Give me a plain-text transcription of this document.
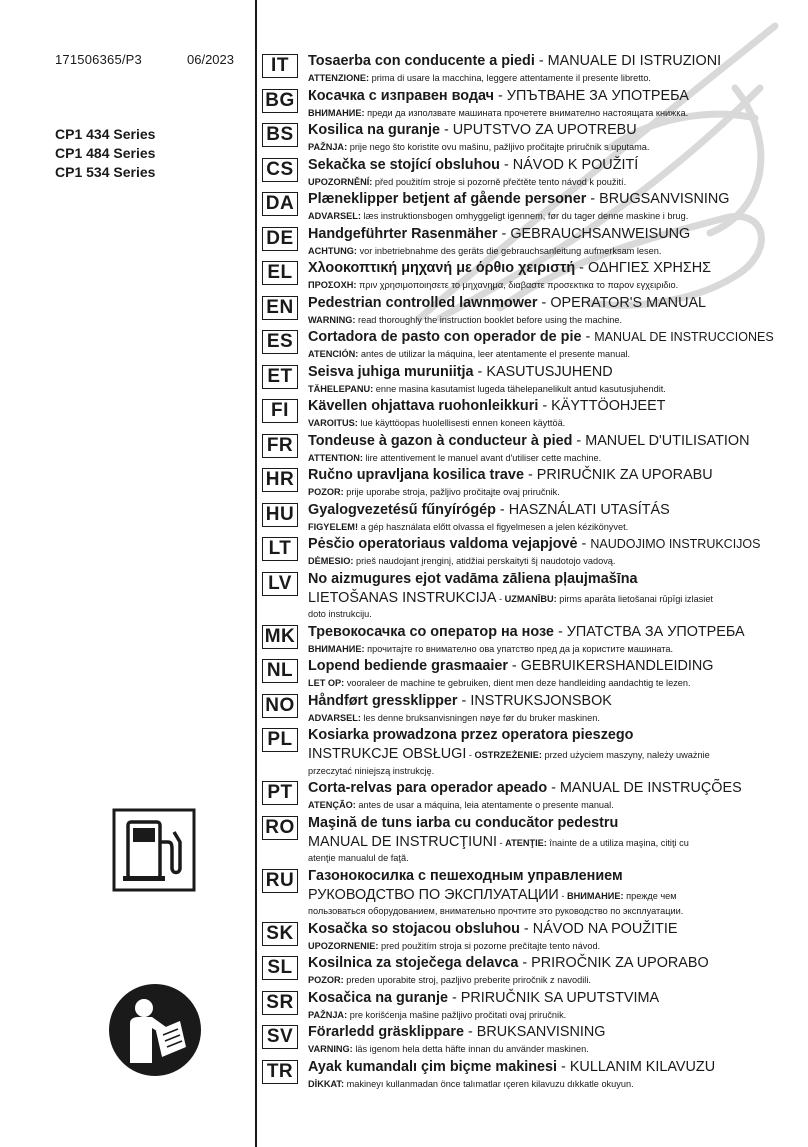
171506365/P3	06/2023
CP1 434 Series
CP1 484 Series
CP1 534 Series
IT	Tosaerba con conducente a piedi - MANUALE DI ISTRUZIONI
ATTENZIONE: prima di usare la macchina, leggere attentamente il presente libretto.
BG Косачка с изправен водач - УПЪТВАНЕ ЗА УПОТРЕБА
ВНИМАНИЕ: преди да използвате машината прочетете внимателно настоящата книжка.
BS Kosilica na guranje - UPUTSTVO ZA UPOTREBU
PAŽNJA: prije nego što koristite ovu mašinu, pažljivo pročitajte priručnik s uputama.
CS Sekačka se stojící obsluhou - NÁVOD K POUŽITÍ
UPOZORNĚNÍ: před použitím stroje si pozorně přečtěte tento návod k použití.
DA Plæneklipper betjent af gående personer - BRUGSANVISNING
ADVARSEL: læs instruktionsbogen omhyggeligt igennem, før du tager denne maskine i brug.
DE Handgeführter Rasenmäher - GEBRAUCHSANWEISUNG
ACHTUNG: vor inbetriebnahme des geräts die gebrauchsanleitung aufmerksam lesen.
EL	Χλοοκοπτική μηχανή με όρθιο χειριστή - ΟΔΗΓΙΕΣ ΧΡΗΣΗΣ
ΠΡΟΣΟΧΗ: πριν χρησιμοποιησετε το μηχανημα, διαβαστε προσεκτικα το παρον εγχειριδιο.
EN Pedestrian controlled lawnmower - OPERATOR'S MANUAL
WARNING: read thoroughly the instruction booklet before using the machine.
ES	Cortadora de pasto con operador de pie - MANUAL DE INSTRUCCIONES
ATENCIÓN: antes de utilizar la máquina, leer atentamente el presente manual.
ET	Seisva juhiga muruniitja - KASUTUSJUHEND
TÄHELEPANU: enne masina kasutamist lugeda tähelepanelikult antud kasutusjuhendit.
FI	Kävellen ohjattava ruohonleikkuri - KÄYTTÖOHJEET
VAROITUS: lue käyttöopas huolellisesti ennen koneen käyttöä.
FR	Tondeuse à gazon à conducteur à pied - MANUEL D'UTILISATION
ATTENTION: lire attentivement le manuel avant d'utiliser cette machine.
HR Ručno upravljana kosilica trave - PRIRUČNIK ZA UPORABU
POZOR: prije uporabe stroja, pažljivo pročitajte ovaj priručnik.
HU Gyalogvezetésű fűnyírógép - HASZNÁLATI UTASÍTÁS
FIGYELEM! a gép használata előtt olvassa el figyelmesen a jelen kézikönyvet.
LT	Pėsčio operatoriaus valdoma vejapjovė - NAUDOJIMO INSTRUKCIJOS
DĖMESIO: prieš naudojant įrenginį, atidžiai perskaityti šį naudotojo vadovą.
LV	No aizmugures ejot vadāma zāliena pļaujmašīna
LIETOŠANAS INSTRUKCIJA - UZMANĪBU: pirms aparāta lietošanai rūpīgi izlasiet
doto instrukciju.
MK Тревокосачка со оператор на нозе - УПАТСТВА ЗА УПОТРЕБА
ВНИМАНИЕ: прочитајте го внимателно ова упатство пред да ја користите машината.
NL	Lopend bediende grasmaaier - GEBRUIKERSHANDLEIDING
LET OP: vooraleer de machine te gebruiken, dient men deze handleiding aandachtig te lezen.
NO Håndført gressklipper - INSTRUKSJONSBOK
ADVARSEL: les denne bruksanvisningen nøye før du bruker maskinen.
PL	Kosiarka prowadzona przez operatora pieszego
INSTRUKCJE OBSŁUGI - OSTRZEŻENIE: przed użyciem maszyny, należy uważnie
przeczytać niniejszą instrukcję.
PT	Corta-relvas para operador apeado - MANUAL DE INSTRUÇÕES
ATENÇÃO: antes de usar a máquina, leia atentamente o presente manual.
RO Maşină de tuns iarba cu conducător pedestru
MANUAL DE INSTRUCŢIUNI - ATENŢIE: înainte de a utiliza maşina, citiţi cu
atenţie manualul de faţă.
RU Газонокосилка с пешеходным управлением
РУКОВОДСТВО ПО ЭКСПЛУАТАЦИИ - ВНИМАНИЕ: прежде чем
пользоваться оборудованием, внимательно прочтите это руководство по эксплуатации.
SK Kosačka so stojacou obsluhou - NÁVOD NA POUŽITIE
UPOZORNENIE: pred použitím stroja si pozorne prečítajte tento návod.
SL	Kosilnica za stoječega delavca - PRIROČNIK ZA UPORABO
POZOR: preden uporabite stroj, pazljivo preberite priročnik z navodili.
SR Kosačica na guranje - PRIRUČNIK SA UPUTSTVIMA
PAŽNJA: pre korišćenja mašine pažljivo pročitati ovaj priručnik.
SV	Förarledd gräsklippare - BRUKSANVISNING
VARNING: läs igenom hela detta häfte innan du använder maskinen.
TR	Ayak kumandalı çim biçme makinesi - KULLANIM KILAVUZU
DİKKAT: makineyı kullanmadan önce talımatlar ıçeren kilavuzu dıkkatle okuyun.
